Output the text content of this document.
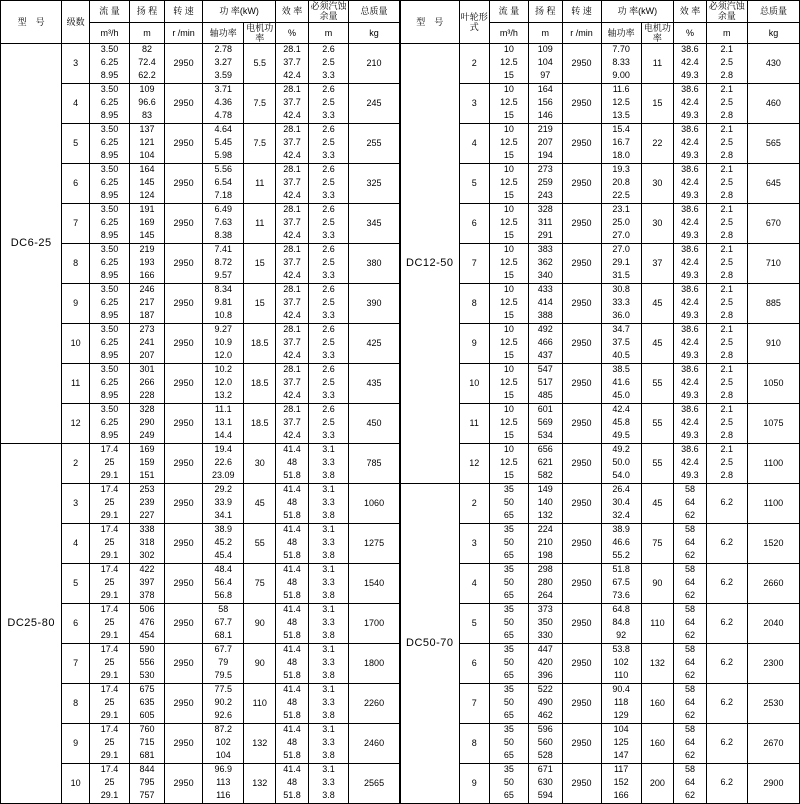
型　号	级数	流 量	扬 程	转 速	功 率(kW)		效 率	必须汽蚀余量	总质量
		m³/h	m	r /min	轴功率	电机功率	%	m	kg
DC6-25	3	3.50
6.25
8.95	82
72.4
62.2	2950	2.78
3.27
3.59	5.5	28.1
37.7
42.4	2.6
2.5
3.3	210
	4	3.50
6.25
8.95	109
96.6
83	2950	3.71
4.36
4.78	7.5	28.1
37.7
42.4	2.6
2.5
3.3	245
	5	3.50
6.25
8.95	137
121
104	2950	4.64
5.45
5.98	7.5	28.1
37.7
42.4	2.6
2.5
3.3	255
	6	3.50
6.25
8.95	164
145
124	2950	5.56
6.54
7.18	11	28.1
37.7
42.4	2.6
2.5
3.3	325
	7	3.50
6.25
8.95	191
169
145	2950	6.49
7.63
8.38	11	28.1
37.7
42.4	2.6
2.5
3.3	345
	8	3.50
6.25
8.95	219
193
166	2950	7.41
8.72
9.57	15	28.1
37.7
42.4	2.6
2.5
3.3	380
	9	3.50
6.25
8.95	246
217
187	2950	8.34
9.81
10.8	15	28.1
37.7
42.4	2.6
2.5
3.3	390
	10	3.50
6.25
8.95	273
241
207	2950	9.27
10.9
12.0	18.5	28.1
37.7
42.4	2.6
2.5
3.3	425
	11	3.50
6.25
8.95	301
266
228	2950	10.2
12.0
13.2	18.5	28.1
37.7
42.4	2.6
2.5
3.3	435
	12	3.50
6.25
8.95	328
290
249	2950	11.1
13.1
14.4	18.5	28.1
37.7
42.4	2.6
2.5
3.3	450
DC25-80	2	17.4
25
29.1	169
159
151	2950	19.4
22.6
23.09	30	41.4
48
51.8	3.1
3.3
3.8	785
	3	17.4
25
29.1	253
239
227	2950	29.2
33.9
34.1	45	41.4
48
51.8	3.1
3.3
3.8	1060
	4	17.4
25
29.1	338
318
302	2950	38.9
45.2
45.4	55	41.4
48
51.8	3.1
3.3
3.8	1275
	5	17.4
25
29.1	422
397
378	2950	48.4
56.4
56.8	75	41.4
48
51.8	3.1
3.3
3.8	1540
	6	17.4
25
29.1	506
476
454	2950	58
67.7
68.1	90	41.4
48
51.8	3.1
3.3
3.8	1700
	7	17.4
25
29.1	590
556
530	2950	67.7
79
79.5	90	41.4
48
51.8	3.1
3.3
3.8	1800
	8	17.4
25
29.1	675
635
605	2950	77.5
90.2
92.6	110	41.4
48
51.8	3.1
3.3
3.8	2260
	9	17.4
25
29.1	760
715
681	2950	87.2
102
104	132	41.4
48
51.8	3.1
3.3
3.8	2460
	10	17.4
25
29.1	844
795
757	2950	96.9
113
116	132	41.4
48
51.8	3.1
3.3
3.8	2565
型　号	叶轮形式	流 量	扬 程	转 速	功 率(kW)		效 率	必须汽蚀余量	总质量
		m³/h	m	r /min	轴功率	电机功率	%	m	kg
DC12-50	2	10
12.5
15	109
104
97	2950	7.70
8.33
9.00	11	38.6
42.4
49.3	2.1
2.5
2.8	430
	3	10
12.5
15	164
156
146	2950	11.6
12.5
13.5	15	38.6
42.4
49.3	2.1
2.5
2.8	460
	4	10
12.5
15	219
207
194	2950	15.4
16.7
18.0	22	38.6
42.4
49.3	2.1
2.5
2.8	565
	5	10
12.5
15	273
259
243	2950	19.3
20.8
22.5	30	38.6
42.4
49.3	2.1
2.5
2.8	645
	6	10
12.5
15	328
311
291	2950	23.1
25.0
27.0	30	38.6
42.4
49.3	2.1
2.5
2.8	670
	7	10
12.5
15	383
362
340	2950	27.0
29.1
31.5	37	38.6
42.4
49.3	2.1
2.5
2.8	710
	8	10
12.5
15	433
414
388	2950	30.8
33.3
36.0	45	38.6
42.4
49.3	2.1
2.5
2.8	885
	9	10
12.5
15	492
466
437	2950	34.7
37.5
40.5	45	38.6
42.4
49.3	2.1
2.5
2.8	910
	10	10
12.5
15	547
517
485	2950	38.5
41.6
45.0	55	38.6
42.4
49.3	2.1
2.5
2.8	1050
	11	10
12.5
15	601
569
534	2950	42.4
45.8
49.5	55	38.6
42.4
49.3	2.1
2.5
2.8	1075
	12	10
12.5
15	656
621
582	2950	49.2
50.0
54.0	55	38.6
42.4
49.3	2.1
2.5
2.8	1100
DC50-70	2	35
50
65	149
140
132	2950	26.4
30.4
32.4	45	58
64
62	6.2	1100
	3	35
50
65	224
210
198	2950	38.9
46.6
55.2	75	58
64
62	6.2	1520
	4	35
50
65	298
280
264	2950	51.8
67.5
73.6	90	58
64
62	6.2	2660
	5	35
50
65	373
350
330	2950	64.8
84.8
92	110	58
64
62	6.2	2040
	6	35
50
65	447
420
396	2950	53.8
102
110	132	58
64
62	6.2	2300
	7	35
50
65	522
490
462	2950	90.4
118
129	160	58
64
62	6.2	2530
	8	35
50
65	596
560
528	2950	104
125
147	160	58
64
62	6.2	2670
	9	35
50
65	671
630
594	2950	117
152
166	200	58
64
62	6.2	2900
